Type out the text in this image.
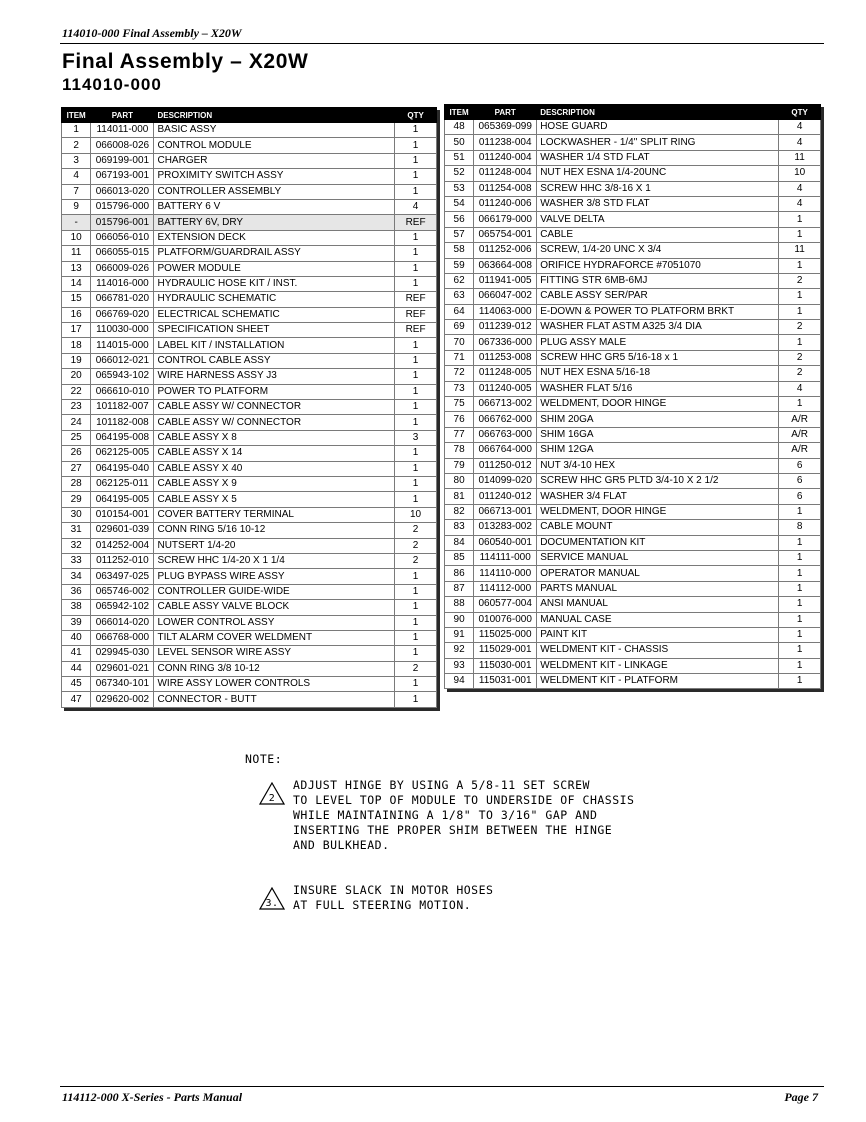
114010-000 Final Assembly – X20W
Final Assembly – X20W
114010-000
ITEM	PART	DESCRIPTION	QTY
1	114011-000	BASIC ASSY	1
2	066008-026	CONTROL MODULE	1
3	069199-001	CHARGER	1
4	067193-001	PROXIMITY SWITCH ASSY	1
7	066013-020	CONTROLLER ASSEMBLY	1
9	015796-000	BATTERY 6 V	4
-	015796-001	BATTERY 6V, DRY	REF
10	066056-010	EXTENSION DECK	1
11	066055-015	PLATFORM/GUARDRAIL ASSY	1
13	066009-026	POWER MODULE	1
14	114016-000	HYDRAULIC HOSE KIT / INST.	1
15	066781-020	HYDRAULIC SCHEMATIC	REF
16	066769-020	ELECTRICAL SCHEMATIC	REF
17	110030-000	SPECIFICATION SHEET	REF
18	114015-000	LABEL KIT / INSTALLATION	1
19	066012-021	CONTROL CABLE ASSY	1
20	065943-102	WIRE HARNESS ASSY J3	1
22	066610-010	POWER TO PLATFORM	1
23	101182-007	CABLE ASSY W/ CONNECTOR	1
24	101182-008	CABLE ASSY W/ CONNECTOR	1
25	064195-008	CABLE ASSY X 8	3
26	062125-005	CABLE ASSY X 14	1
27	064195-040	CABLE ASSY X 40	1
28	062125-011	CABLE ASSY X 9	1
29	064195-005	CABLE ASSY X 5	1
30	010154-001	COVER BATTERY TERMINAL	10
31	029601-039	CONN RING 5/16 10-12	2
32	014252-004	NUTSERT 1/4-20	2
33	011252-010	SCREW HHC 1/4-20 X 1 1/4	2
34	063497-025	PLUG BYPASS WIRE ASSY	1
36	065746-002	CONTROLLER GUIDE-WIDE	1
38	065942-102	CABLE ASSY VALVE BLOCK	1
39	066014-020	LOWER CONTROL ASSY	1
40	066768-000	TILT ALARM COVER WELDMENT	1
41	029945-030	LEVEL SENSOR WIRE ASSY	1
44	029601-021	CONN RING 3/8 10-12	2
45	067340-101	WIRE ASSY LOWER CONTROLS	1
47	029620-002	CONNECTOR - BUTT	1
ITEM	PART	DESCRIPTION	QTY
48	065369-099	HOSE GUARD	4
50	011238-004	LOCKWASHER - 1/4" SPLIT RING	4
51	011240-004	WASHER 1/4 STD FLAT	11
52	011248-004	NUT HEX ESNA 1/4-20UNC	10
53	011254-008	SCREW HHC 3/8-16 X 1	4
54	011240-006	WASHER 3/8 STD FLAT	4
56	066179-000	VALVE DELTA	1
57	065754-001	CABLE	1
58	011252-006	SCREW, 1/4-20 UNC X 3/4	11
59	063664-008	ORIFICE HYDRAFORCE #7051070	1
62	011941-005	FITTING STR 6MB-6MJ	2
63	066047-002	CABLE ASSY SER/PAR	1
64	114063-000	E-DOWN & POWER TO PLATFORM BRKT	1
69	011239-012	WASHER FLAT ASTM A325 3/4 DIA	2
70	067336-000	PLUG ASSY MALE	1
71	011253-008	SCREW HHC GR5 5/16-18 x 1	2
72	011248-005	NUT HEX ESNA 5/16-18	2
73	011240-005	WASHER FLAT 5/16	4
75	066713-002	WELDMENT, DOOR HINGE	1
76	066762-000	SHIM 20GA	A/R
77	066763-000	SHIM 16GA	A/R
78	066764-000	SHIM 12GA	A/R
79	011250-012	NUT 3/4-10 HEX	6
80	014099-020	SCREW HHC GR5 PLTD 3/4-10 X 2 1/2	6
81	011240-012	WASHER 3/4 FLAT	6
82	066713-001	WELDMENT, DOOR HINGE	1
83	013283-002	CABLE MOUNT	8
84	060540-001	DOCUMENTATION KIT	1
85	114111-000	SERVICE MANUAL	1
86	114110-000	OPERATOR MANUAL	1
87	114112-000	PARTS MANUAL	1
88	060577-004	ANSI MANUAL	1
90	010076-000	MANUAL CASE	1
91	115025-000	PAINT KIT	1
92	115029-001	WELDMENT KIT - CHASSIS	1
93	115030-001	WELDMENT KIT - LINKAGE	1
94	115031-001	WELDMENT KIT - PLATFORM	1
NOTE:
2
ADJUST HINGE BY USING A 5/8-11 SET SCREW
TO LEVEL TOP OF MODULE TO UNDERSIDE OF CHASSIS
WHILE MAINTAINING A 1/8" TO 3/16" GAP AND
INSERTING THE PROPER SHIM BETWEEN THE HINGE
AND BULKHEAD.
3.
INSURE SLACK IN MOTOR HOSES
AT FULL STEERING MOTION.
114112-000 X-Series - Parts Manual	Page 7
